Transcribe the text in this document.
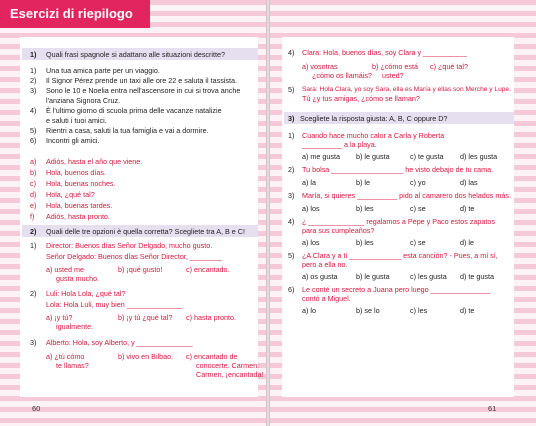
Esercizi di riepilogo
1) Quali frasi spagnole si adattano alle situazioni descritte?
2) Quali delle tre opzioni è quella corretta? Scegliete tra A, B e C!
1) Director: Buenos días Señor Delgado, mucho gusto.
Señor Delgado: Buenos días Señor Director, ________
a) usted me
gusta mucho.
b) ¡qué gusto!	c) encantado.
2) Luli: Hola Lola, ¿qué tal?
Lola: Hola Luli, muy bien ______________
a) ¡y tú?
igualmente.
b) ¡y tú ¿qué tal? c) hasta pronto.
3) Alberto: Hola, soy Alberto, y ______________
a) ¿tú cómo
te llamas?
b) vivo en Bilbao. c) encantado de
conocerte. Carmen:
Carmen, ¡encantada!
60
1) Una tua amica parte per un viaggio.
2) Il Signor Pérez prende un taxi alle ore 22 e saluta il tassista.
3) Sono le 10 e Noelia entra nell'ascensore in cui si trova anche
l'anziana Signora Cruz.
4) È l'ultimo giorno di scuola prima delle vacanze natalizie
e saluti i tuoi amici.
5) Rientri a casa, saluti la tua famiglia e vai a dormire.
6) Incontri gli amici.
a) Adiós, hasta el año que viene.
b) Hola, buenos días.
c) Hola, buenas noches.
d) Hola, ¿qué tal?
e) Hola, buenas tardes.
f) Adiós, hasta pronto.
4) Clara: Hola, buenos días, soy Clara y ___________
a) vosotras
¿cómo os llamáis?
b) ¿cómo está
usted?
c) ¿qué tal?
5) Sara: Hola Clara, yo soy Sara, ella es María y ellas son Merche y Lupe.
Tú ¿y tus amigas, ¿cómo se llaman?
3) Scegliete la risposta giusta: A, B, C oppure D?
61
1) Cuando hace mucho calor a Carla y Roberta
__________ a la playa.
a) me gusta b) le gusta	c) te gusta d) les gusta
2) Tu bolsa __________________ he visto debajo de tu cama.
a) la	b) le	c) yo	d) las
3) María, si quieres __________ pido al camarero dos helados más.
a) los	b) les	c) se	d) te
4) ¿ ______________ regalamos a Pepe y Paco estos zapatos
para sus cumpleaños?
a) los	b) les	c) se	d) le
5) ¿A Clara y a ti _____________ esta canción? - Pues, a mí sí,
pero a ella no.
a) os gusta	b) le gusta	c) les gusta d) te gusta
6) Le conté un secreto a Juana pero luego _______________
contó a Miguel.
a) lo	b) se lo	c) les	d) te
